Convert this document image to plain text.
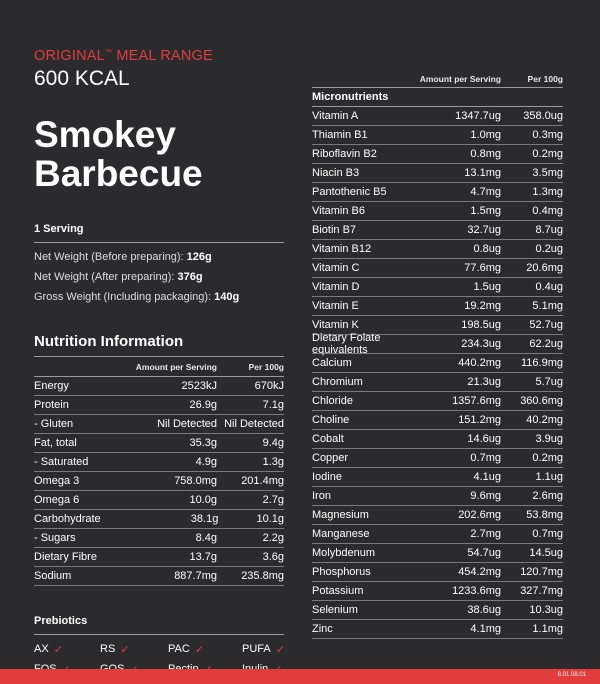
ORIGINAL™ MEAL RANGE
600 KCAL
Smokey
Barbecue
1 Serving
Net Weight (Before preparing): 126g
Net Weight (After preparing): 376g
Gross Weight (Including packaging): 140g
Nutrition Information
Amount per Serving	Per 100g
Energy	2523kJ	670kJ
Protein	26.9g	7.1g
- Gluten	Nil Detected Nil Detected
Fat, total	35.3g	9.4g
- Saturated	4.9g	1.3g
Omega 3	758.0mg	201.4mg
Omega 6	10.0g	2.7g
Carbohydrate	38.1g	10.1g
- Sugars	8.4g	2.2g
Dietary Fibre	13.7g	3.6g
Sodium	887.7mg	235.8mg
Prebiotics
AX ✓	RS ✓	PAC ✓	PUFA ✓
Amount per Serving	Per 100g
Micronutrients
Vitamin A	1347.7ug	358.0ug
Thiamin B1	1.0mg	0.3mg
Riboflavin B2	0.8mg	0.2mg
Niacin B3	13.1mg	3.5mg
Pantothenic B5	4.7mg	1.3mg
Vitamin B6	1.5mg	0.4mg
Biotin B7	32.7ug	8.7ug
Vitamin B12	0.8ug	0.2ug
Vitamin C	77.6mg	20.6mg
Vitamin D	1.5ug	0.4ug
Vitamin E	19.2mg	5.1mg
Vitamin K	198.5ug	52.7ug
Dietary Folate equivalents	234.3ug	62.2ug
Calcium	440.2mg	116.9mg
Chromium	21.3ug	5.7ug
Chloride	1357.6mg	360.6mg
Choline	151.2mg	40.2mg
Cobalt	14.6ug	3.9ug
Copper	0.7mg	0.2mg
Iodine	4.1ug	1.1ug
Iron	9.6mg	2.6mg
Magnesium	202.6mg	53.8mg
Manganese	2.7mg	0.7mg
Molybdenum	54.7ug	14.5ug
Phosphorus	454.2mg	120.7mg
Potassium	1233.6mg	327.7mg
Selenium	38.6ug	10.3ug
Zinc	4.1mg	1.1mg
8.01.08.01
